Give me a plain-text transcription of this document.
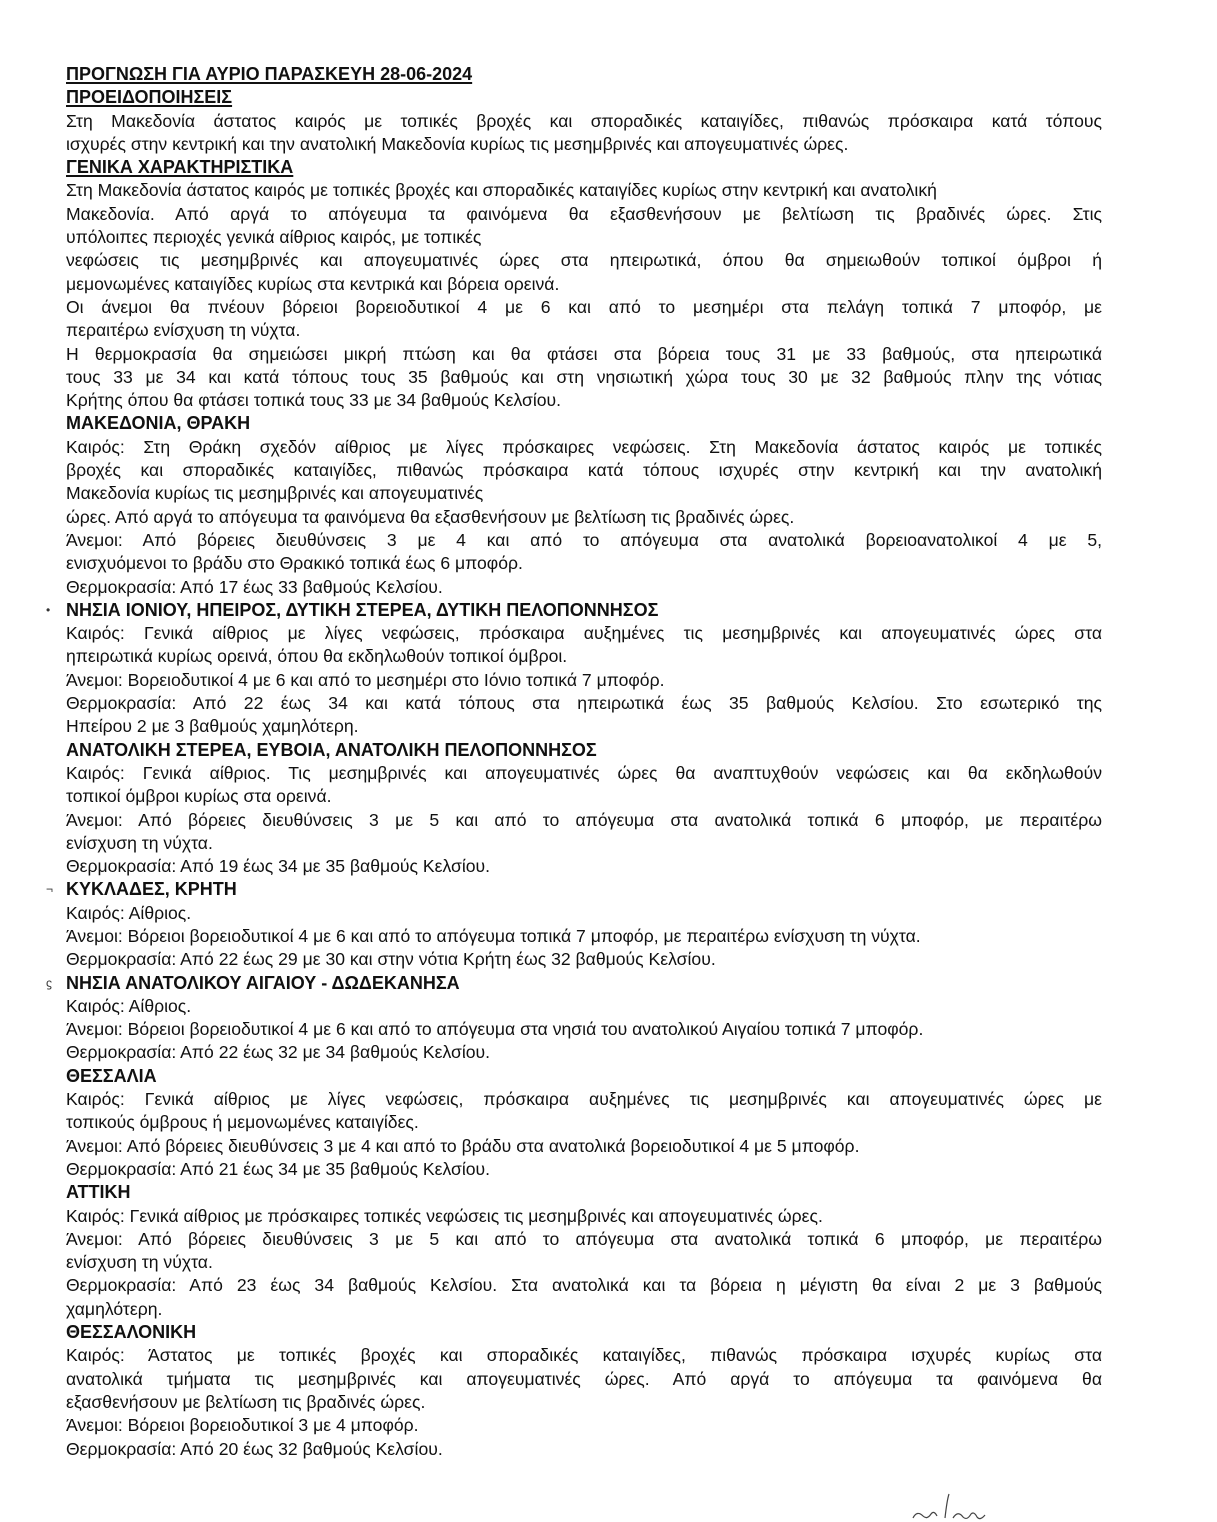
ΠΡΟΓΝΩΣΗ ΓΙΑ ΑΥΡΙΟ ΠΑΡΑΣΚΕΥΗ 28-06-2024
ΠΡΟΕΙΔΟΠΟΙΗΣΕΙΣ
Στη Μακεδονία άστατος καιρός με τοπικές βροχές και σποραδικές καταιγίδες, πιθανώς πρόσκαιρα κατά τόπους
ισχυρές στην κεντρική και την ανατολική Μακεδονία κυρίως τις μεσημβρινές και απογευματινές ώρες.
ΓΕΝΙΚΑ ΧΑΡΑΚΤΗΡΙΣΤΙΚΑ
Στη Μακεδονία άστατος καιρός με τοπικές βροχές και σποραδικές καταιγίδες κυρίως στην κεντρική και ανατολική
Μακεδονία. Από αργά το απόγευμα τα φαινόμενα θα εξασθενήσουν με βελτίωση τις βραδινές ώρες. Στις
υπόλοιπες περιοχές γενικά αίθριος καιρός, με τοπικές
νεφώσεις τις μεσημβρινές και απογευματινές ώρες στα ηπειρωτικά, όπου θα σημειωθούν τοπικοί όμβροι ή
μεμονωμένες καταιγίδες κυρίως στα κεντρικά και βόρεια ορεινά.
Οι άνεμοι θα πνέουν βόρειοι βορειοδυτικοί 4 με 6 και από το μεσημέρι στα πελάγη τοπικά 7 μποφόρ, με
περαιτέρω ενίσχυση τη νύχτα.
Η θερμοκρασία θα σημειώσει μικρή πτώση και θα φτάσει στα βόρεια τους 31 με 33 βαθμούς, στα ηπειρωτικά
τους 33 με 34 και κατά τόπους τους 35 βαθμούς και στη νησιωτική χώρα τους 30 με 32 βαθμούς πλην της νότιας
Κρήτης όπου θα φτάσει τοπικά τους 33 με 34 βαθμούς Κελσίου.
ΜΑΚΕΔΟΝΙΑ, ΘΡΑΚΗ
Καιρός: Στη Θράκη σχεδόν αίθριος με λίγες πρόσκαιρες νεφώσεις. Στη Μακεδονία άστατος καιρός με τοπικές
βροχές και σποραδικές καταιγίδες, πιθανώς πρόσκαιρα κατά τόπους ισχυρές στην κεντρική και την ανατολική
Μακεδονία κυρίως τις μεσημβρινές και απογευματινές
ώρες. Από αργά το απόγευμα τα φαινόμενα θα εξασθενήσουν με βελτίωση τις βραδινές ώρες.
Άνεμοι: Από βόρειες διευθύνσεις 3 με 4 και από το απόγευμα στα ανατολικά βορειοανατολικοί 4 με 5,
ενισχυόμενοι το βράδυ στο Θρακικό τοπικά έως 6 μποφόρ.
Θερμοκρασία: Από 17 έως 33 βαθμούς Κελσίου.
• ΝΗΣΙΑ ΙΟΝΙΟΥ, ΗΠΕΙΡΟΣ, ΔΥΤΙΚΗ ΣΤΕΡΕΑ, ΔΥΤΙΚΗ ΠΕΛΟΠΟΝΝΗΣΟΣ
Καιρός: Γενικά αίθριος με λίγες νεφώσεις, πρόσκαιρα αυξημένες τις μεσημβρινές και απογευματινές ώρες στα
ηπειρωτικά κυρίως ορεινά, όπου θα εκδηλωθούν τοπικοί όμβροι.
Άνεμοι: Βορειοδυτικοί 4 με 6 και από το μεσημέρι στο Ιόνιο τοπικά 7 μποφόρ.
Θερμοκρασία: Από 22 έως 34 και κατά τόπους στα ηπειρωτικά έως 35 βαθμούς Κελσίου. Στο εσωτερικό της
Ηπείρου 2 με 3 βαθμούς χαμηλότερη.
ΑΝΑΤΟΛΙΚΗ ΣΤΕΡΕΑ, ΕΥΒΟΙΑ, ΑΝΑΤΟΛΙΚΗ ΠΕΛΟΠΟΝΝΗΣΟΣ
Καιρός: Γενικά αίθριος. Τις μεσημβρινές και απογευματινές ώρες θα αναπτυχθούν νεφώσεις και θα εκδηλωθούν
τοπικοί όμβροι κυρίως στα ορεινά.
Άνεμοι: Από βόρειες διευθύνσεις 3 με 5 και από το απόγευμα στα ανατολικά τοπικά 6 μποφόρ, με περαιτέρω
ενίσχυση τη νύχτα.
Θερμοκρασία: Από 19 έως 34 με 35 βαθμούς Κελσίου.
¬ ΚΥΚΛΑΔΕΣ, ΚΡΗΤΗ
Καιρός: Αίθριος.
Άνεμοι: Βόρειοι βορειοδυτικοί 4 με 6 και από το απόγευμα τοπικά 7 μποφόρ, με περαιτέρω ενίσχυση τη νύχτα.
Θερμοκρασία: Από 22 έως 29 με 30 και στην νότια Κρήτη έως 32 βαθμούς Κελσίου.
ϛ ΝΗΣΙΑ ΑΝΑΤΟΛΙΚΟΥ ΑΙΓΑΙΟΥ - ΔΩΔΕΚΑΝΗΣΑ
Καιρός: Αίθριος.
Άνεμοι: Βόρειοι βορειοδυτικοί 4 με 6 και από το απόγευμα στα νησιά του ανατολικού Αιγαίου τοπικά 7 μποφόρ.
Θερμοκρασία: Από 22 έως 32 με 34 βαθμούς Κελσίου.
ΘΕΣΣΑΛΙΑ
Καιρός: Γενικά αίθριος με λίγες νεφώσεις, πρόσκαιρα αυξημένες τις μεσημβρινές και απογευματινές ώρες με
τοπικούς όμβρους ή μεμονωμένες καταιγίδες.
Άνεμοι: Από βόρειες διευθύνσεις 3 με 4 και από το βράδυ στα ανατολικά βορειοδυτικοί 4 με 5 μποφόρ.
Θερμοκρασία: Από 21 έως 34 με 35 βαθμούς Κελσίου.
ΑΤΤΙΚΗ
Καιρός: Γενικά αίθριος με πρόσκαιρες τοπικές νεφώσεις τις μεσημβρινές και απογευματινές ώρες.
Άνεμοι: Από βόρειες διευθύνσεις 3 με 5 και από το απόγευμα στα ανατολικά τοπικά 6 μποφόρ, με περαιτέρω
ενίσχυση τη νύχτα.
Θερμοκρασία: Από 23 έως 34 βαθμούς Κελσίου. Στα ανατολικά και τα βόρεια η μέγιστη θα είναι 2 με 3 βαθμούς
χαμηλότερη.
ΘΕΣΣΑΛΟΝΙΚΗ
Καιρός: Άστατος με τοπικές βροχές και σποραδικές καταιγίδες, πιθανώς πρόσκαιρα ισχυρές κυρίως στα
ανατολικά τμήματα τις μεσημβρινές και απογευματινές ώρες. Από αργά το απόγευμα τα φαινόμενα θα
εξασθενήσουν με βελτίωση τις βραδινές ώρες.
Άνεμοι: Βόρειοι βορειοδυτικοί 3 με 4 μποφόρ.
Θερμοκρασία: Από 20 έως 32 βαθμούς Κελσίου.
